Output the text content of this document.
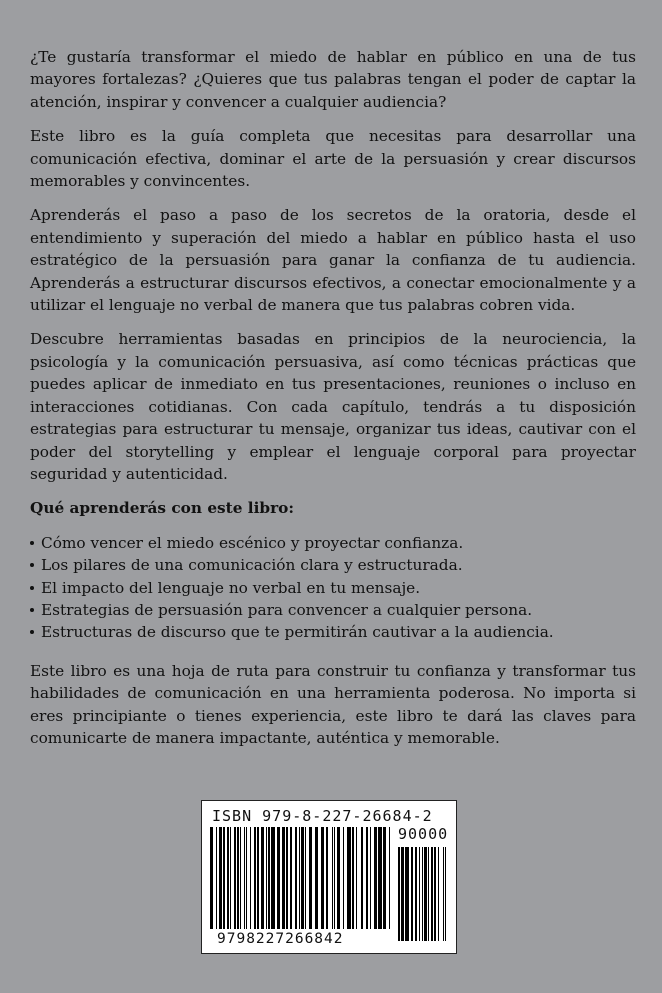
¿Te gustaría transformar el miedo de hablar en público en una de tus mayores fortalezas? ¿Quieres que tus palabras tengan el poder de captar la atención, inspirar y convencer a cualquier audiencia?

Este libro es la guía completa que necesitas para desarrollar una comunicación efectiva, dominar el arte de la persuasión y crear discursos memorables y convincentes.

Aprenderás el paso a paso de los secretos de la oratoria, desde el entendimiento y superación del miedo a hablar en público hasta el uso estratégico de la persuasión para ganar la confianza de tu audiencia. Aprenderás a estructurar discursos efectivos, a conectar emocionalmente y a utilizar el lenguaje no verbal de manera que tus palabras cobren vida.

Descubre herramientas basadas en principios de la neurociencia, la psicología y la comunicación persuasiva, así como técnicas prácticas que puedes aplicar de inmediato en tus presentaciones, reuniones o incluso en interacciones cotidianas. Con cada capítulo, tendrás a tu disposición estrategias para estructurar tu mensaje, organizar tus ideas, cautivar con el poder del storytelling y emplear el lenguaje corporal para proyectar seguridad y autenticidad.

Qué aprenderás con este libro:

Cómo vencer el miedo escénico y proyectar confianza.
Los pilares de una comunicación clara y estructurada.
El impacto del lenguaje no verbal en tu mensaje.
Estrategias de persuasión para convencer a cualquier persona.
Estructuras de discurso que te permitirán cautivar a la audiencia.

Este libro es una hoja de ruta para construir tu confianza y transformar tus habilidades de comunicación en una herramienta poderosa. No importa si eres principiante o tienes experiencia, este libro te dará las claves para comunicarte de manera impactante, auténtica y memorable.

ISBN 979-8-227-26684-2
90000
9798227266842
